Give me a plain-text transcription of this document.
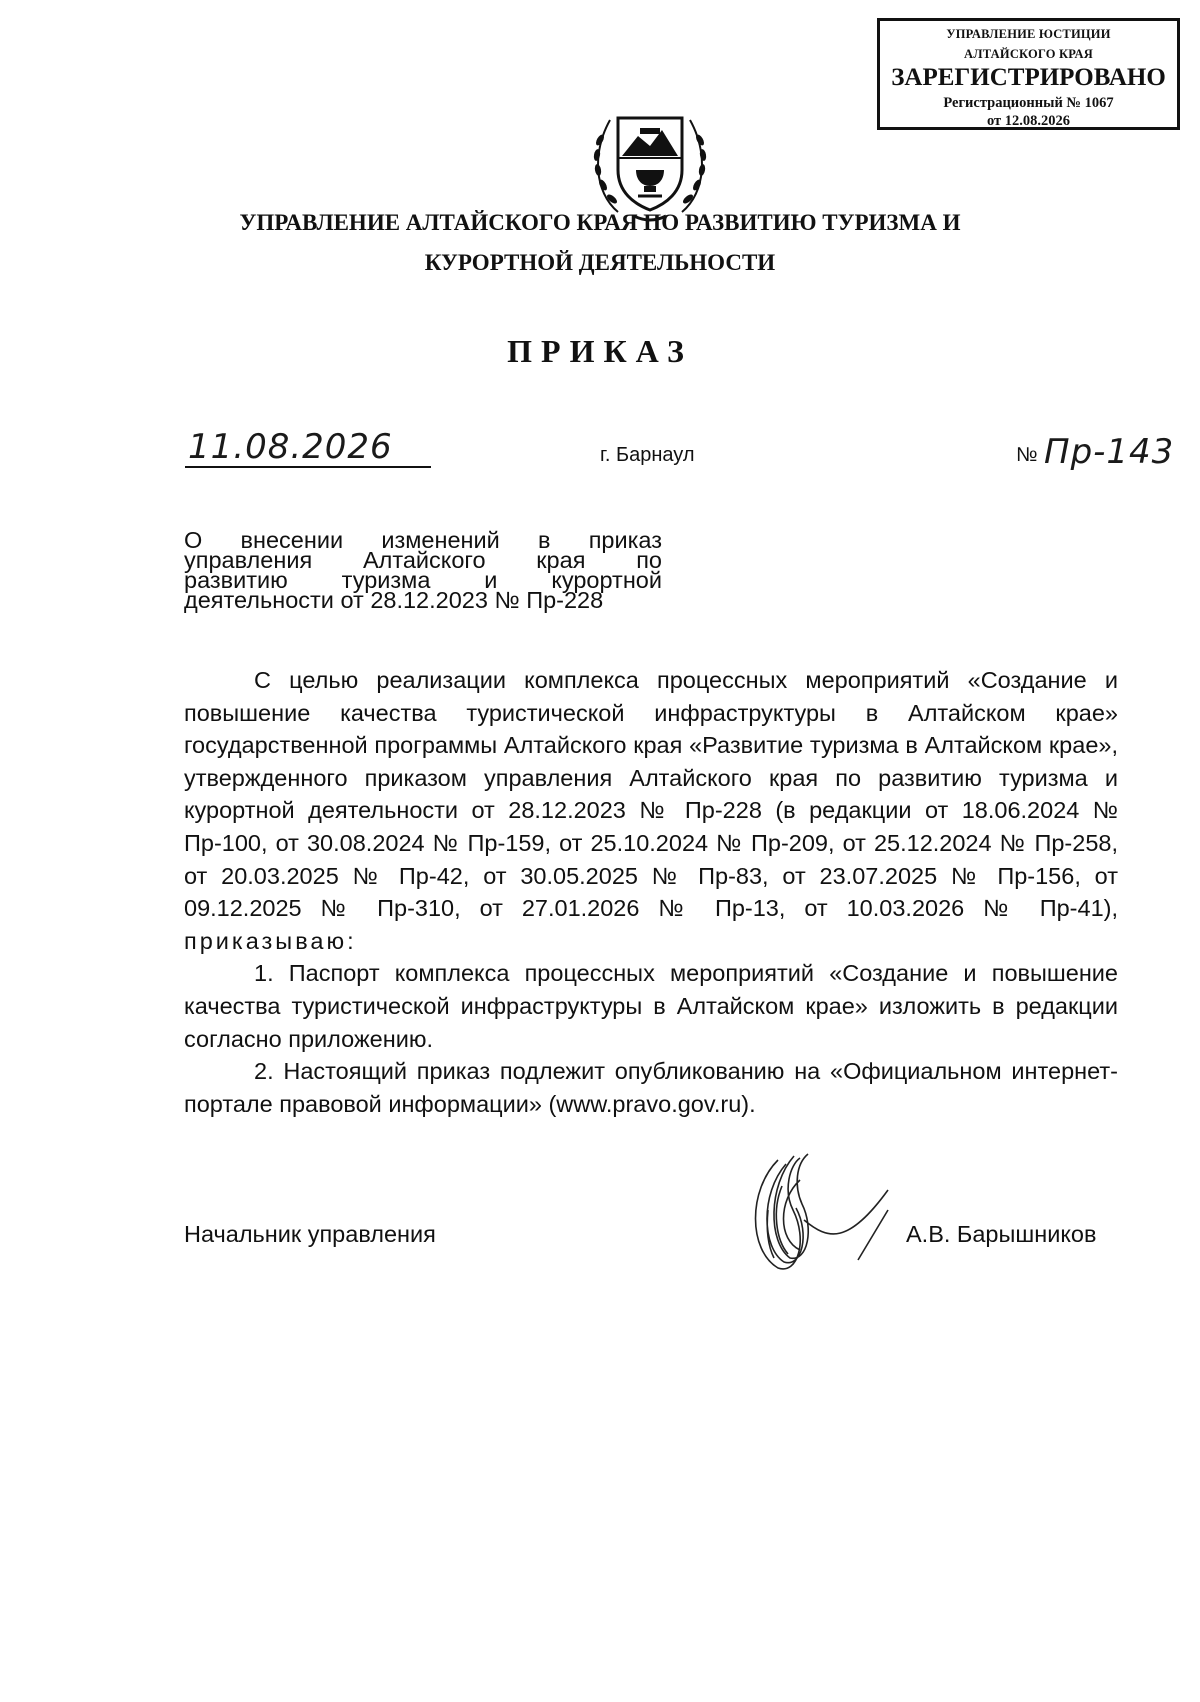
УПРАВЛЕНИЕ ЮСТИЦИИ
АЛТАЙСКОГО КРАЯ
ЗАРЕГИСТРИРОВАНО
Регистрационный № 1067
от 12.08.2026
УПРАВЛЕНИЕ АЛТАЙСКОГО КРАЯ ПО РАЗВИТИЮ ТУРИЗМА И
КУРОРТНОЙ ДЕЯТЕЛЬНОСТИ
ПРИКАЗ
11.08.2026	г. Барнаул	№ Пр-143
О внесении изменений в приказ
управления Алтайского края по
развитию туризма и курортной
деятельности от 28.12.2023 № Пр-228

С целью реализации комплекса процессных мероприятий «Создание и повышение качества туристической инфраструктуры в Алтайском крае» государственной программы Алтайского края «Развитие туризма в Алтайском крае», утвержденного приказом управления Алтайского края по развитию туризма и курортной деятельности от 28.12.2023 № Пр-228 (в редакции от 18.06.2024 № Пр-100, от 30.08.2024 № Пр-159, от 25.10.2024 № Пр-209, от 25.12.2024 № Пр-258, от 20.03.2025 № Пр-42, от 30.05.2025 № Пр-83, от 23.07.2025 № Пр-156, от 09.12.2025 № Пр-310, от 27.01.2026 № Пр-13, от 10.03.2026 № Пр-41), приказываю:

1. Паспорт комплекса процессных мероприятий «Создание и повышение качества туристической инфраструктуры в Алтайском крае» изложить в редакции согласно приложению.

2. Настоящий приказ подлежит опубликованию на «Официальном интернет-портале правовой информации» (www.pravo.gov.ru).

Начальник управления	А.В. Барышников
